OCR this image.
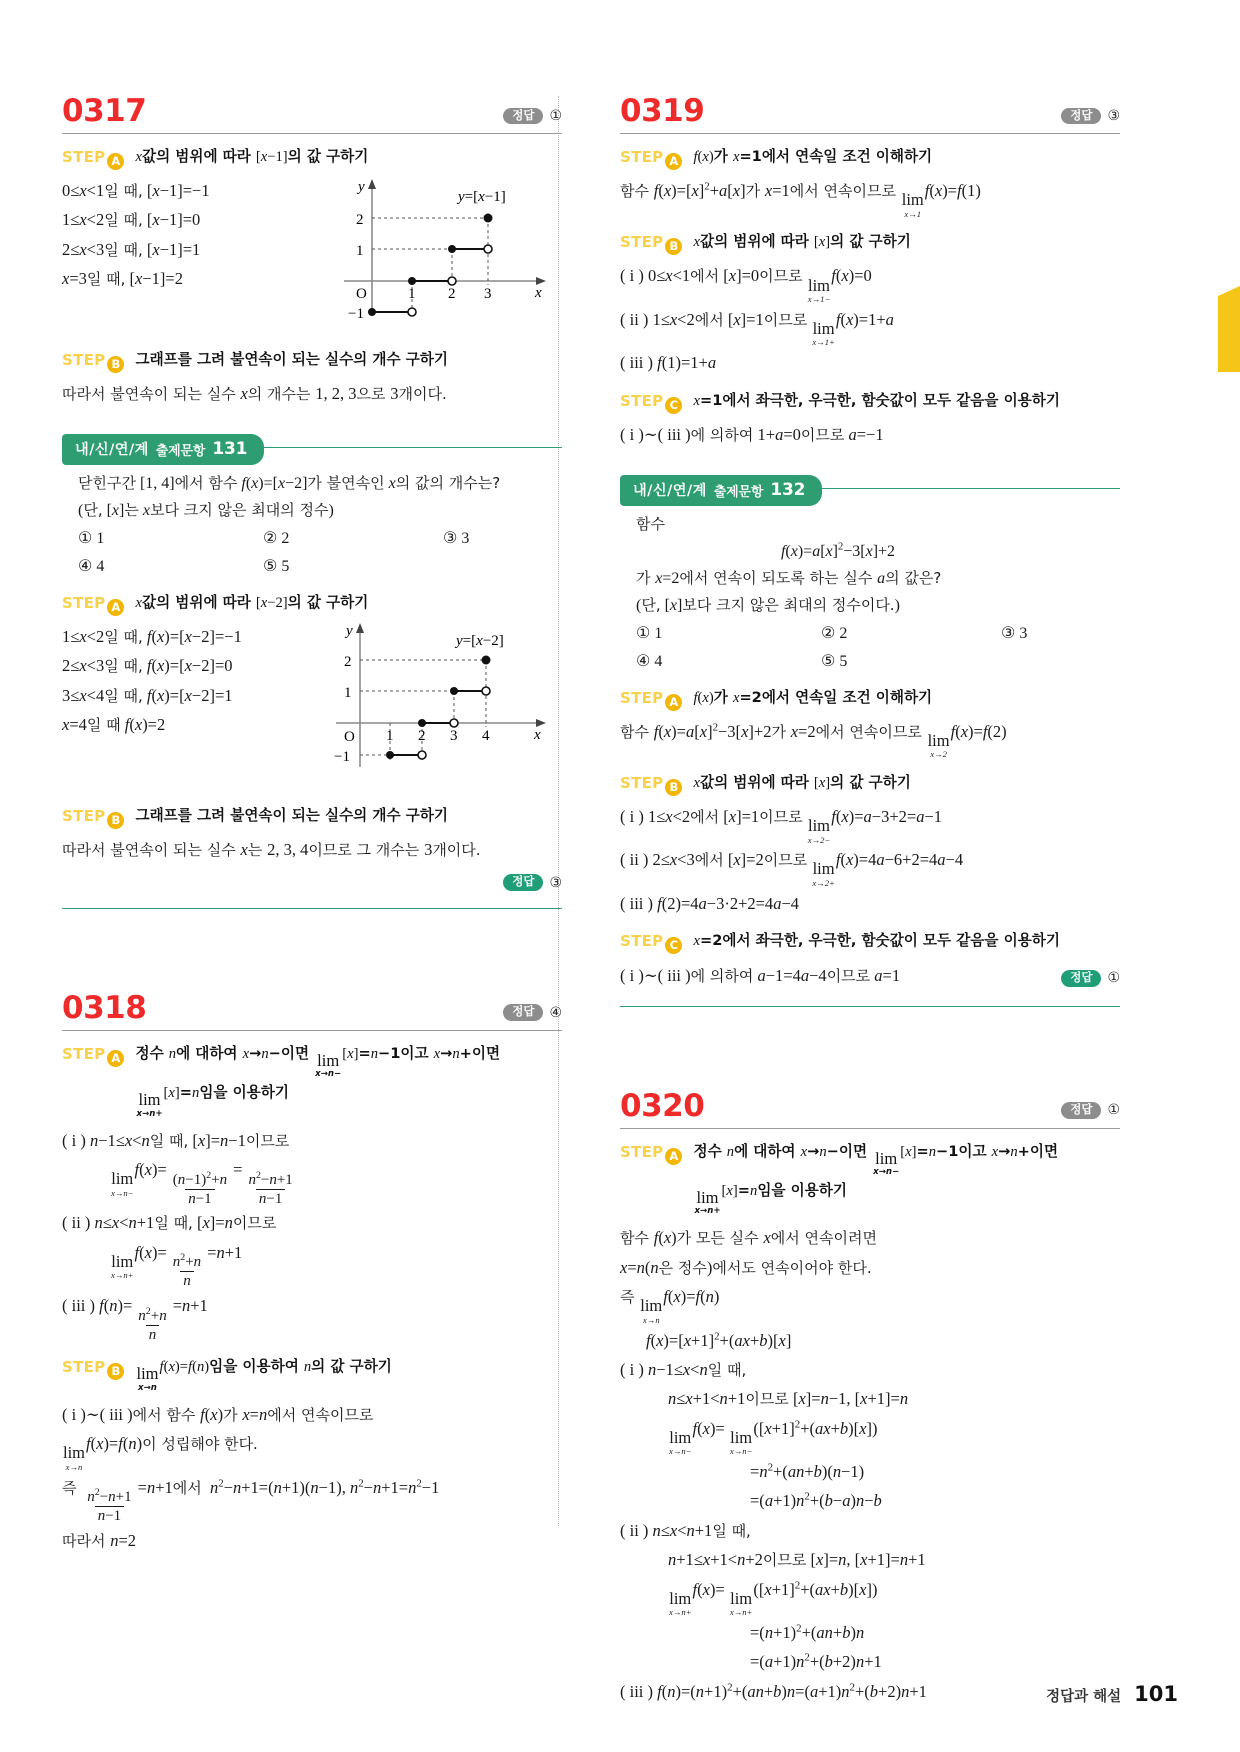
0317	정답	①
STEP A x값의 범위에 따라 [x−1]의 값 구하기
0≤x<1일 때, [x−1]=−1
1≤x<2일 때, [x−1]=0
2≤x<3일 때, [x−1]=1
x=3일 때, [x−1]=2
y
x
O
2
1
−1
1 2 3
y=[x−1]
STEP B 그래프를 그려 불연속이 되는 실수의 개수 구하기
따라서 불연속이 되는 실수 x의 개수는 1, 2, 3으로 3개이다.
내/신/연/계 출제문항 131
닫힌구간 [1, 4]에서 함수 f(x)=[x−2]가 불연속인 x의 값의 개수는?
(단, [x]는 x보다 크지 않은 최대의 정수)
① 1	② 2	③ 3
④ 4	⑤ 5
STEP A x값의 범위에 따라 [x−2]의 값 구하기
1≤x<2일 때, f(x)=[x−2]=−1
2≤x<3일 때, f(x)=[x−2]=0
3≤x<4일 때, f(x)=[x−2]=1
x=4일 때 f(x)=2
y
x
O
2
1
−1
1 2 3 4
y=[x−2]
STEP B 그래프를 그려 불연속이 되는 실수의 개수 구하기
따라서 불연속이 되는 실수 x는 2, 3, 4이므로 그 개수는 3개이다.
정답	③
0318	정답	④
STEP A 정수 n에 대하여 x→n−이면 lim
x→n−
[x]=n−1이고 x→n+이면
lim
x→n+
[x]=n임을 이용하기
( i ) n−1≤x<n일 때, [x]=n−1이므로
lim
x→n−
f(x)=
$\frac{(n-1)^2+n}{n-1}$
=
$\frac{n^2-n+1}{n-1}$
( ii ) n≤x<n+1일 때, [x]=n이므로
lim
x→n+
f(x)=
$\frac{n^2+n}{n}$
=n+1
( iii ) f(n)=
$\frac{n^2+n}{n}$
=n+1
STEP B lim
x→n
f(x)=f(n)임을 이용하여 n의 값 구하기
( i )∼( iii )에서 함수 f(x)가 x=n에서 연속이므로
lim
x→n
f(x)=f(n)이 성립해야 한다.
즉
$\frac{n^2-n+1}{n-1}$
=n+1에서 $n^2-n+1=(n+1)(n-1)$, $n^2-n+1=n^2-1$
따라서 n=2
0319	정답	③
STEP A f(x)가 x=1에서 연속일 조건 이해하기
함수 $f(x)=[x]^2+a[x]$가 x=1에서 연속이므로 lim
x→1
f(x)=f(1)
STEP B x값의 범위에 따라 [x]의 값 구하기
( i ) 0≤x<1에서 [x]=0이므로 lim
x→1−
f(x)=0
( ii ) 1≤x<2에서 [x]=1이므로 lim
x→1+
f(x)=1+a
( iii ) f(1)=1+a
STEP C x=1에서 좌극한, 우극한, 함숫값이 모두 같음을 이용하기
( i )∼( iii )에 의하여 1+a=0이므로 a=−1
내/신/연/계 출제문항 132
함수
$f(x)=a[x]^2-3[x]+2$
가 x=2에서 연속이 되도록 하는 실수 a의 값은?
(단, [x]보다 크지 않은 최대의 정수이다.)
① 1	② 2	③ 3
④ 4	⑤ 5
STEP A f(x)가 x=2에서 연속일 조건 이해하기
함수 $f(x)=a[x]^2-3[x]+2$가 x=2에서 연속이므로 lim
x→2
f(x)=f(2)
STEP B x값의 범위에 따라 [x]의 값 구하기
( i ) 1≤x<2에서 [x]=1이므로 lim
x→2−
f(x)=a−3+2=a−1
( ii ) 2≤x<3에서 [x]=2이므로 lim
x→2+
f(x)=4a−6+2=4a−4
( iii ) f(2)=4a−3·2+2=4a−4
STEP C x=2에서 좌극한, 우극한, 함숫값이 모두 같음을 이용하기
( i )∼( iii )에 의하여 a−1=4a−4이므로 a=1	정답	①
0320	정답	①
STEP A 정수 n에 대하여 x→n−이면 lim
x→n−
[x]=n−1이고 x→n+이면
lim
x→n+
[x]=n임을 이용하기
함수 f(x)가 모든 실수 x에서 연속이려면
x=n(n은 정수)에서도 연속이어야 한다.
즉 lim
x→n
f(x)=f(n)
$f(x)=[x+1]^2+(ax+b)[x]$
( i ) n−1≤x<n일 때,
n≤x+1<n+1이므로 [x]=n−1, [x+1]=n
lim
x→n−
f(x)= lim
x→n−
$([x+1]^2+(ax+b)[x])$
$=n^2+(an+b)(n-1)$
$=(a+1)n^2+(b-a)n-b$
( ii ) n≤x<n+1일 때,
n+1≤x+1<n+2이므로 [x]=n, [x+1]=n+1
lim
x→n+
f(x)= lim
x→n+
$([x+1]^2+(ax+b)[x])$
$=(n+1)^2+(an+b)n$
$=(a+1)n^2+(b+2)n+1$
( iii ) $f(n)=(n+1)^2+(an+b)n=(a+1)n^2+(b+2)n+1$	정답과 해설 101
